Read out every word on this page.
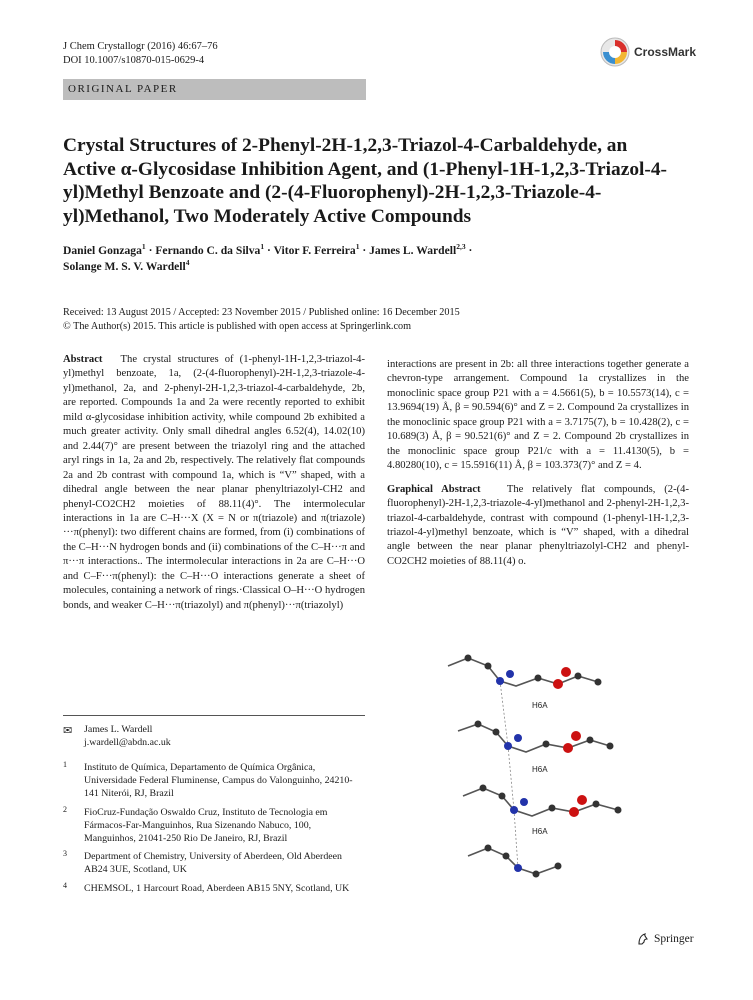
J Chem Crystallogr (2016) 46:67–76
DOI 10.1007/s10870-015-0629-4
CrossMark
ORIGINAL PAPER
Crystal Structures of 2-Phenyl-2H-1,2,3-Triazol-4-Carbaldehyde, an Active α-Glycosidase Inhibition Agent, and (1-Phenyl-1H-1,2,3-Triazol-4-yl)Methyl Benzoate and (2-(4-Fluorophenyl)-2H-1,2,3-Triazole-4-yl)Methanol, Two Moderately Active Compounds
Daniel Gonzaga$^1$ · Fernando C. da Silva$^1$ · Vitor F. Ferreira$^1$ · James L. Wardell$^{2,3}$ ·
Solange M. S. V. Wardell$^4$
Received: 13 August 2015 / Accepted: 23 November 2015 / Published online: 16 December 2015
© The Author(s) 2015. This article is published with open access at Springerlink.com

Abstract The crystal structures of (1-phenyl-1H-1,2,3-triazol-4-yl)methyl benzoate, 1a, (2-(4-fluorophenyl)-2H-1,2,3-triazole-4-yl)methanol, 2a, and 2-phenyl-2H-1,2,3-triazol-4-carbaldehyde, 2b, are reported. Compounds 1a and 2a were recently reported to exhibit mild α-glycosidase inhibition activity, while compound 2b exhibited a much greater activity. Only small dihedral angles 6.52(4), 14.02(10) and 2.44(7)° are present between the triazolyl ring and the attached aryl rings in 1a, 2a and 2b, respectively. The relatively flat compounds 2a and 2b contrast with compound 1a, which is “V” shaped, with a dihedral angle between the near planar phenyltriazolyl-CH2 and phenyl-CO2CH2 moieties of 88.11(4)°. The intermolecular interactions in 1a are C–H···X (X = N or π(triazole) and π(triazole) ···π(phenyl): two different chains are formed, from (i) combinations of the C–H···N hydrogen bonds and (ii) combinations of the C–H···π and π···π interactions.. The intermolecular interactions in 2a are C–H···O and C–F···π(phenyl): the C–H···O interactions generate a sheet of molecules, containing a network of rings.·Classical O–H···O hydrogen bonds, and weaker C–H···π(triazolyl) and π(phenyl)···π(triazolyl)

interactions are present in 2b: all three interactions together generate a chevron-type arrangement. Compound 1a crystallizes in the monoclinic space group P21 with a = 4.5661(5), b = 10.5573(14), c = 13.9694(19) Å, β = 90.594(6)° and Z = 2. Compound 2a crystallizes in the monoclinic space group P21 with a = 3.7175(7), b = 10.428(2), c = 10.689(3) Å, β = 90.521(6)° and Z = 2. Compound 2b crystallizes in the monoclinic space group P21/c with a = 11.4130(5), b = 4.80280(10), c = 15.5916(11) Å, β = 103.373(7)° and Z = 4.

Graphical Abstract The relatively flat compounds, (2-(4-fluorophenyl)-2H-1,2,3-triazole-4-yl)methanol and 2-phenyl-2H-1,2,3-triazol-4-carbaldehyde, contrast with compound (1-phenyl-1H-1,2,3-triazol-4-yl)methyl benzoate, which is “V” shaped, with a dihedral angle between the near planar phenyltriazolyl-CH2 and phenyl-CO2CH2 moieties of 88.11(4) o.

H6A
H6A
H6A
✉ James L. Wardell
j.wardell@abdn.ac.uk
1 Instituto de Química, Departamento de Química Orgânica, Universidade Federal Fluminense, Campus do Valonguinho, 24210-141 Niterói, RJ, Brazil
2 FioCruz-Fundação Oswaldo Cruz, Instituto de Tecnologia em Fármacos-Far-Manguinhos, Rua Sizenando Nabuco, 100, Manguinhos, 21041-250 Rio De Janeiro, RJ, Brazil
3 Department of Chemistry, University of Aberdeen, Old Aberdeen AB24 3UE, Scotland, UK
4 CHEMSOL, 1 Harcourt Road, Aberdeen AB15 5NY, Scotland, UK
Springer
